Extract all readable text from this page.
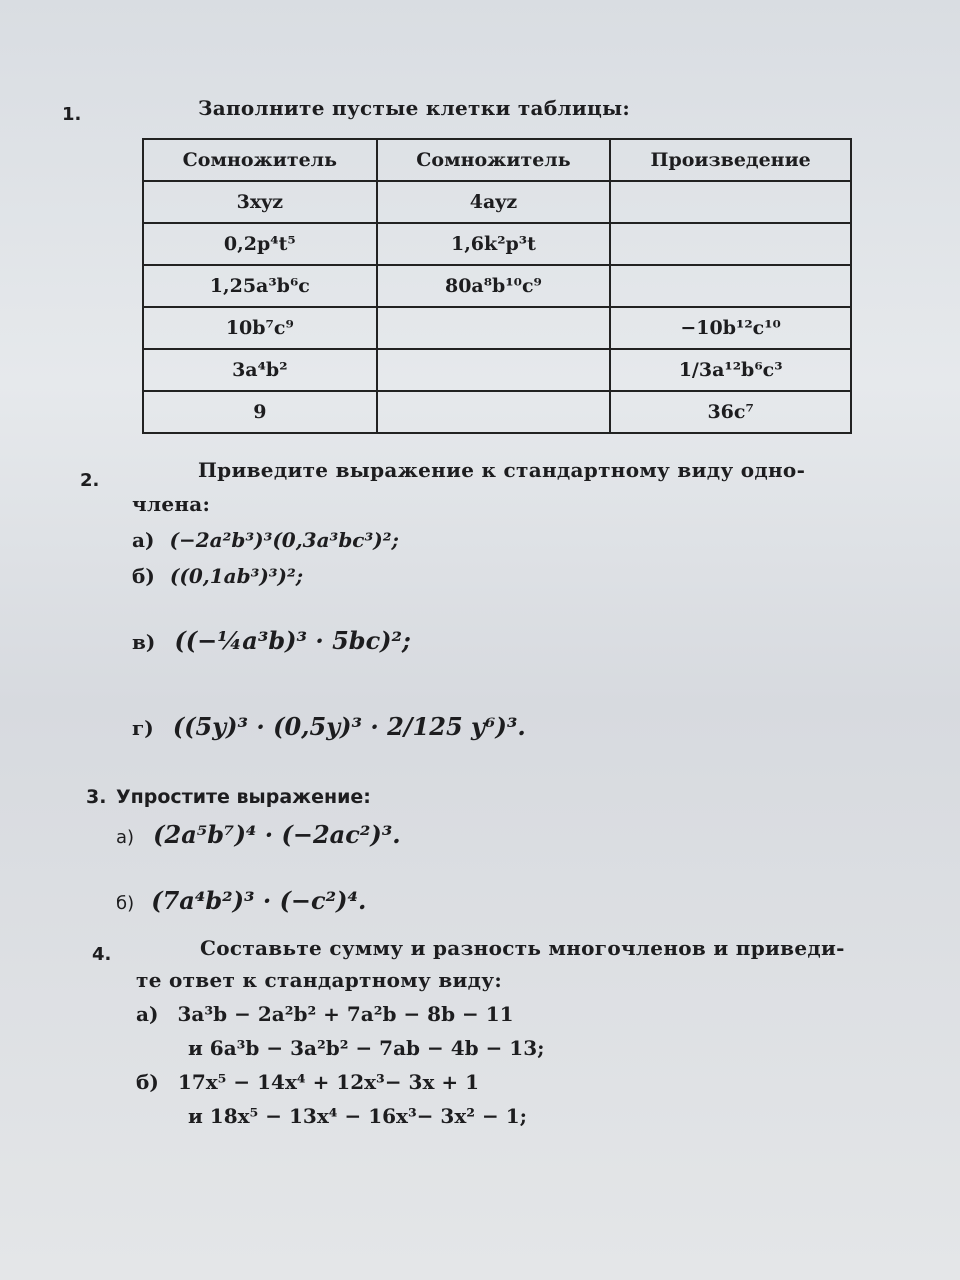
1.	Заполните пустые клетки таблицы:
Сомножитель	Сомножитель	Произведение
3xyz	4ayz	
0,2p⁴t⁵	1,6k²p³t	
1,25a³b⁶c	80a⁸b¹⁰c⁹	
10b⁷c⁹		−10b¹²c¹⁰
3a⁴b²		1/3a¹²b⁶c³
9		36c⁷
2.	Приведите выражение к стандартному виду одно-
члена:
а) (−2a²b³)³(0,3a³bc³)²;
б) ((0,1ab³)³)²;
в) ((−¼a³b)³ · 5bc)²;
г) ((5y)³ · (0,5y)³ · 2/125 y⁶)³.
3. Упростите выражение:
а) (2a⁵b⁷)⁴ · (−2ac²)³.
б) (7a⁴b²)³ · (−c²)⁴.
4.	Составьте сумму и разность многочленов и приведи-
те ответ к стандартному виду:
а) 3a³b − 2a²b² + 7a²b − 8b − 11
и 6a³b − 3a²b² − 7ab − 4b − 13;
б) 17x⁵ − 14x⁴ + 12x³− 3x + 1
и 18x⁵ − 13x⁴ − 16x³− 3x² − 1;
